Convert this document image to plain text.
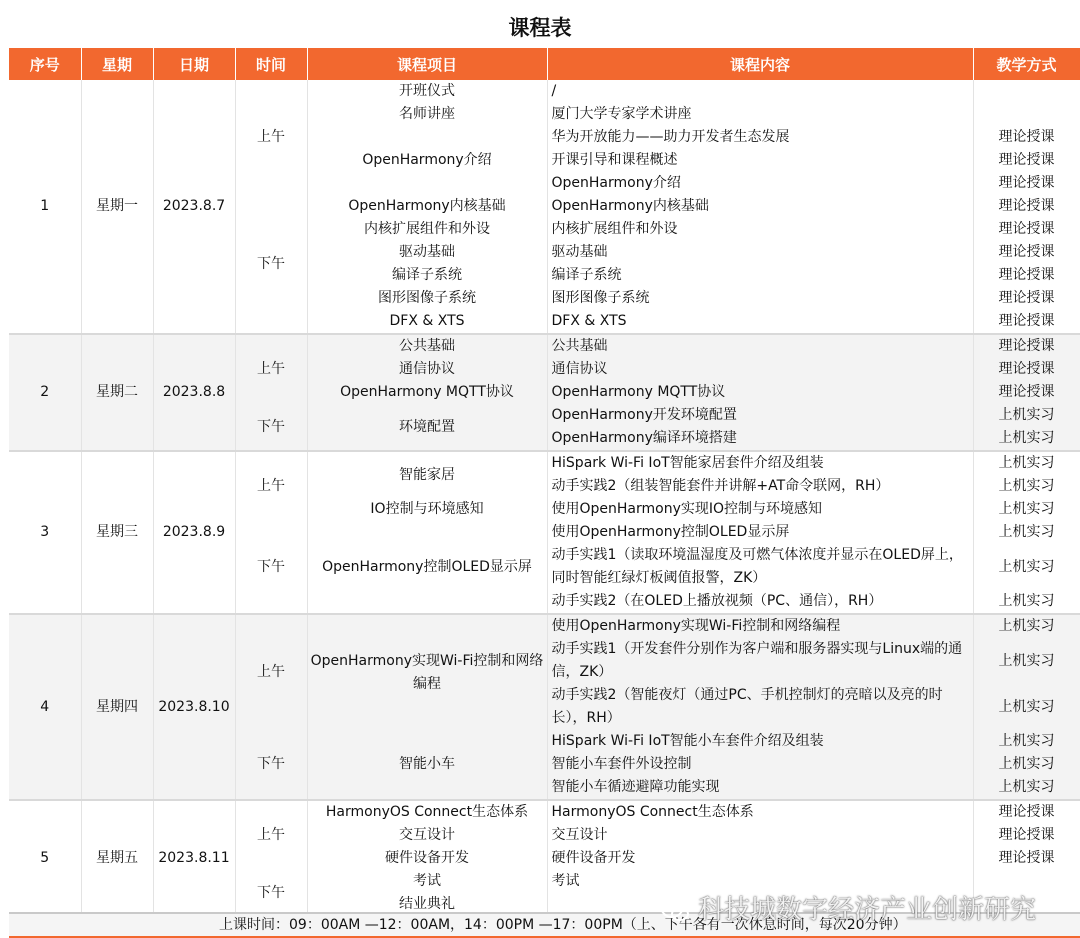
课程表
序号	星期	日期	时间	课程项目	课程内容	教学方式
1	星期一	2023.8.7	上午	开班仪式	/	
				名师讲座	厦门大学专家学术讲座	
				OpenHarmony介绍	华为开放能力——助力开发者生态发展	理论授课
					开课引导和课程概述	理论授课
					OpenHarmony介绍	理论授课
			下午	OpenHarmony内核基础	OpenHarmony内核基础	理论授课
				内核扩展组件和外设	内核扩展组件和外设	理论授课
				驱动基础	驱动基础	理论授课
				编译子系统	编译子系统	理论授课
				图形图像子系统	图形图像子系统	理论授课
				DFX & XTS	DFX & XTS	理论授课
2	星期二	2023.8.8	上午	公共基础	公共基础	理论授课
				通信协议	通信协议	理论授课
				OpenHarmony MQTT协议	OpenHarmony MQTT协议	理论授课
			下午	环境配置	OpenHarmony开发环境配置	上机实习
					OpenHarmony编译环境搭建	上机实习
3	星期三	2023.8.9	上午	智能家居	HiSpark Wi-Fi IoT智能家居套件介绍及组装	上机实习
					动手实践2（组装智能套件并讲解+AT命令联网，RH）	上机实习
				IO控制与环境感知	使用OpenHarmony实现IO控制与环境感知	上机实习
			下午	OpenHarmony控制OLED显示屏	使用OpenHarmony控制OLED显示屏	上机实习
					动手实践1（读取环境温湿度及可燃气体浓度并显示在OLED屏上，同时智能红绿灯板阈值报警，ZK）	上机实习

					动手实践2（在OLED上播放视频（PC、通信），RH）	上机实习
4	星期四	2023.8.10	上午	OpenHarmony实现Wi-Fi控制和网络编程	使用OpenHarmony实现Wi-Fi控制和网络编程	上机实习
					动手实践1（开发套件分别作为客户端和服务器实现与Linux端的通信，ZK）	上机实习

					动手实践2（智能夜灯（通过PC、手机控制灯的亮暗以及亮的时长），RH）	上机实习

			下午	智能小车	HiSpark Wi-Fi IoT智能小车套件介绍及组装	上机实习
					智能小车套件外设控制	上机实习
					智能小车循迹避障功能实现	上机实习
5	星期五	2023.8.11	上午	HarmonyOS Connect生态体系	HarmonyOS Connect生态体系	理论授课
				交互设计	交互设计	理论授课
				硬件设备开发	硬件设备开发	理论授课
			下午	考试	考试	
				结业典礼		
上课时间：09：00AM —12：00AM，14：00PM —17：00PM（上、下午各有一次休息时间，每次20分钟）
科技城数字经济产业创新研究
